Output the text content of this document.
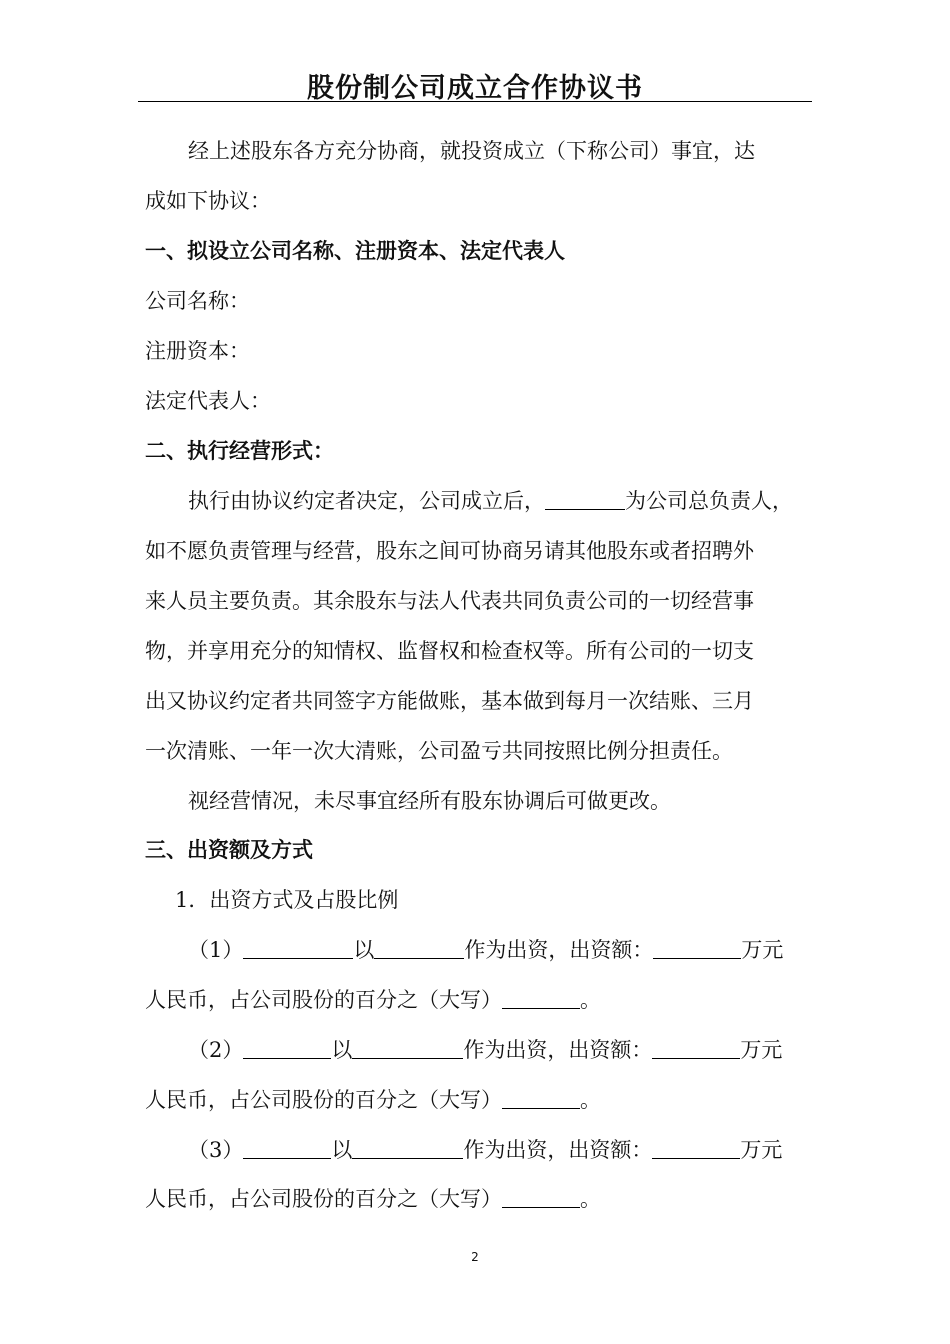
股份制公司成立合作协议书
经上述股东各方充分协商，就投资成立（下称公司）事宜，达
成如下协议：
一、拟设立公司名称、注册资本、法定代表人
公司名称：
注册资本：
法定代表人：
二、执行经营形式：
执行由协议约定者决定，公司成立后，	为公司总负责人，
如不愿负责管理与经营，股东之间可协商另请其他股东或者招聘外
来人员主要负责。其余股东与法人代表共同负责公司的一切经营事
物，并享用充分的知情权、监督权和检查权等。所有公司的一切支
出又协议约定者共同签字方能做账，基本做到每月一次结账、三月
一次清账、一年一次大清账，公司盈亏共同按照比例分担责任。
视经营情况，未尽事宜经所有股东协调后可做更改。
三、出资额及方式
1．出资方式及占股比例
（1）	以	作为出资，出资额：	万元
人民币，占公司股份的百分之（大写）	。
（2）	以	作为出资，出资额：	万元
人民币，占公司股份的百分之（大写）	。
（3）	以	作为出资，出资额：	万元
人民币，占公司股份的百分之（大写）	。
2
